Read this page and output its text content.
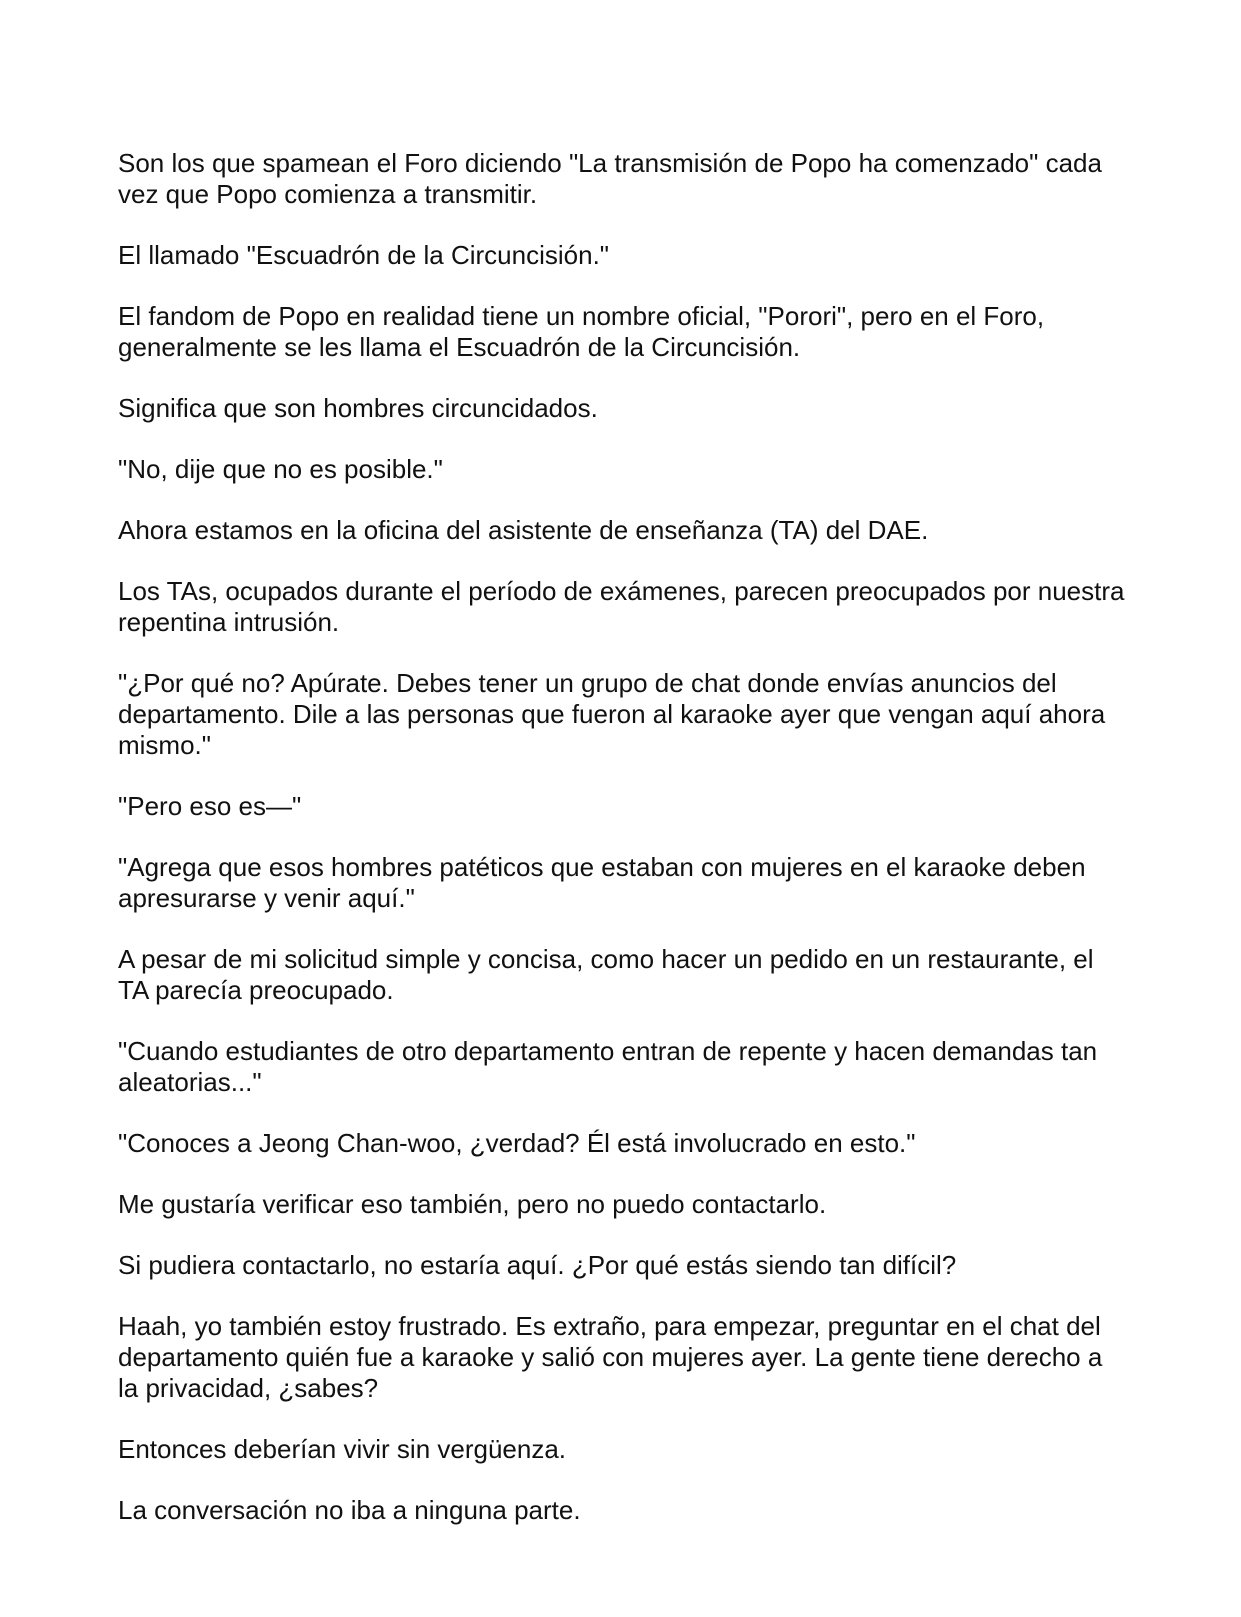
Son los que spamean el Foro diciendo "La transmisión de Popo ha comenzado" cada vez que Popo comienza a transmitir.

El llamado "Escuadrón de la Circuncisión."

El fandom de Popo en realidad tiene un nombre oficial, "Porori", pero en el Foro, generalmente se les llama el Escuadrón de la Circuncisión.

Significa que son hombres circuncidados.

"No, dije que no es posible."

Ahora estamos en la oficina del asistente de enseñanza (TA) del DAE.

Los TAs, ocupados durante el período de exámenes, parecen preocupados por nuestra repentina intrusión.

"¿Por qué no? Apúrate. Debes tener un grupo de chat donde envías anuncios del departamento. Dile a las personas que fueron al karaoke ayer que vengan aquí ahora mismo."

"Pero eso es—"

"Agrega que esos hombres patéticos que estaban con mujeres en el karaoke deben apresurarse y venir aquí."

A pesar de mi solicitud simple y concisa, como hacer un pedido en un restaurante, el TA parecía preocupado.

"Cuando estudiantes de otro departamento entran de repente y hacen demandas tan aleatorias..."

"Conoces a Jeong Chan-woo, ¿verdad? Él está involucrado en esto."

Me gustaría verificar eso también, pero no puedo contactarlo.

Si pudiera contactarlo, no estaría aquí. ¿Por qué estás siendo tan difícil?

Haah, yo también estoy frustrado. Es extraño, para empezar, preguntar en el chat del departamento quién fue a karaoke y salió con mujeres ayer. La gente tiene derecho a la privacidad, ¿sabes?

Entonces deberían vivir sin vergüenza.

La conversación no iba a ninguna parte.
